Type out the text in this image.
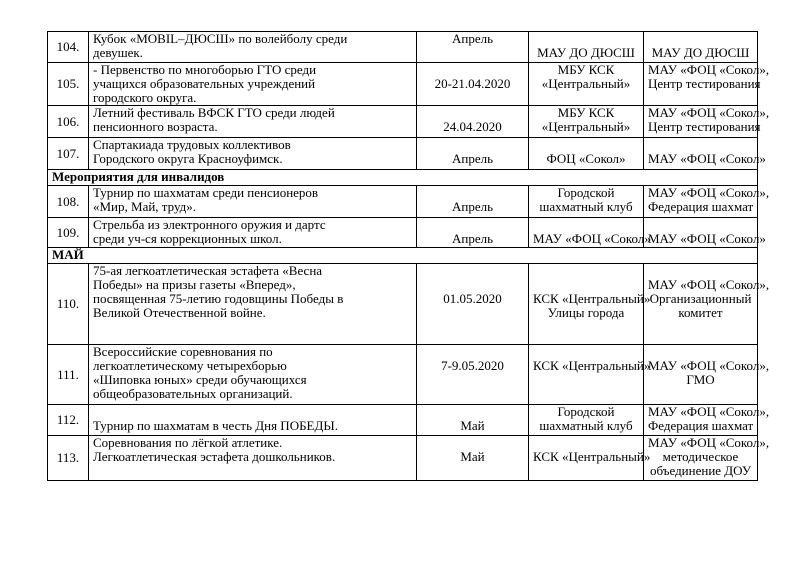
104.	Кубок «MOBIL–ДЮСШ» по волейболу среди
девушек.	Апрель	МАУ ДО ДЮСШ	МАУ ДО ДЮСШ

105.	- Первенство по многоборью ГТО среди
учащихся образовательных учреждений
городского округа.	20-21.04.2020	МБУ КСК
«Центральный»	МАУ «ФОЦ «Сокол»,
Центр тестирования

106.	Летний фестиваль ВФСК ГТО среди людей
пенсионного возраста.	24.04.2020	МБУ КСК
«Центральный»	МАУ «ФОЦ «Сокол»,
Центр тестирования

107.	Спартакиада трудовых коллективов
Городского округа Красноуфимск.	Апрель	ФОЦ «Сокол»	МАУ «ФОЦ «Сокол»

Мероприятия для инвалидов				
108.	Турнир по шахматам среди пенсионеров
«Мир, Май, труд».	Апрель	Городской
шахматный клуб	МАУ «ФОЦ «Сокол»,
Федерация шахмат

109.	Стрельба из электронного оружия и дартс
среди уч-ся коррекционных школ.	Апрель	МАУ «ФОЦ «Сокол»	МАУ «ФОЦ «Сокол»

МАЙ				
110.	75-ая легкоатлетическая эстафета «Весна
Победы» на призы газеты «Вперед»,
посвященная 75-летию годовщины Победы в
Великой Отечественной войне.	01.05.2020	КСК «Центральный»
Улицы города	МАУ «ФОЦ «Сокол»,
Организационный
комитет

111.	Всероссийские соревнования по
легкоатлетическому четырехборью
«Шиповка юных» среди обучающихся
общеобразовательных организаций.	7-9.05.2020	КСК «Центральный»	МАУ «ФОЦ «Сокол»,
ГМО

112.	Турнир по шахматам в честь Дня ПОБЕДЫ.	Май	Городской
шахматный клуб	МАУ «ФОЦ «Сокол»,
Федерация шахмат

113.	Соревнования по лёгкой атлетике.
Легкоатлетическая эстафета дошкольников.	Май	КСК «Центральный»	МАУ «ФОЦ «Сокол»,
методическое
объединение ДОУ
